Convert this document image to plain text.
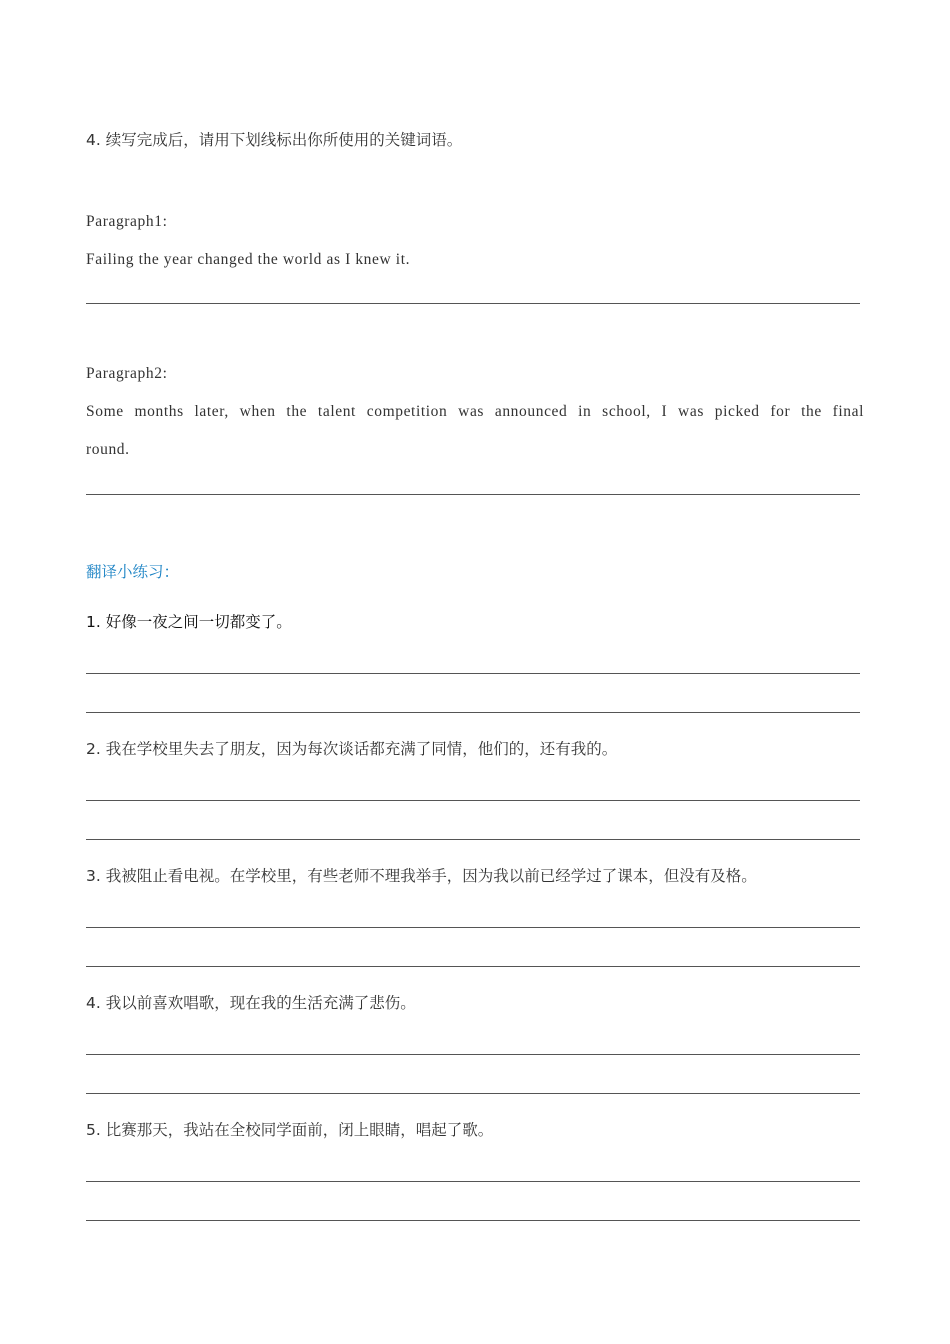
4. 续写完成后，请用下划线标出你所使用的关键词语。
Paragraph1:
Failing the year changed the world as I knew it.
Paragraph2:
Some months later, when the talent competition was announced in school, I was picked for the final
round.
翻译小练习：
1. 好像一夜之间一切都变了。
2. 我在学校里失去了朋友，因为每次谈话都充满了同情，他们的，还有我的。
3. 我被阻止看电视。在学校里，有些老师不理我举手，因为我以前已经学过了课本，但没有及格。
4. 我以前喜欢唱歌，现在我的生活充满了悲伤。
5. 比赛那天，我站在全校同学面前，闭上眼睛，唱起了歌。
